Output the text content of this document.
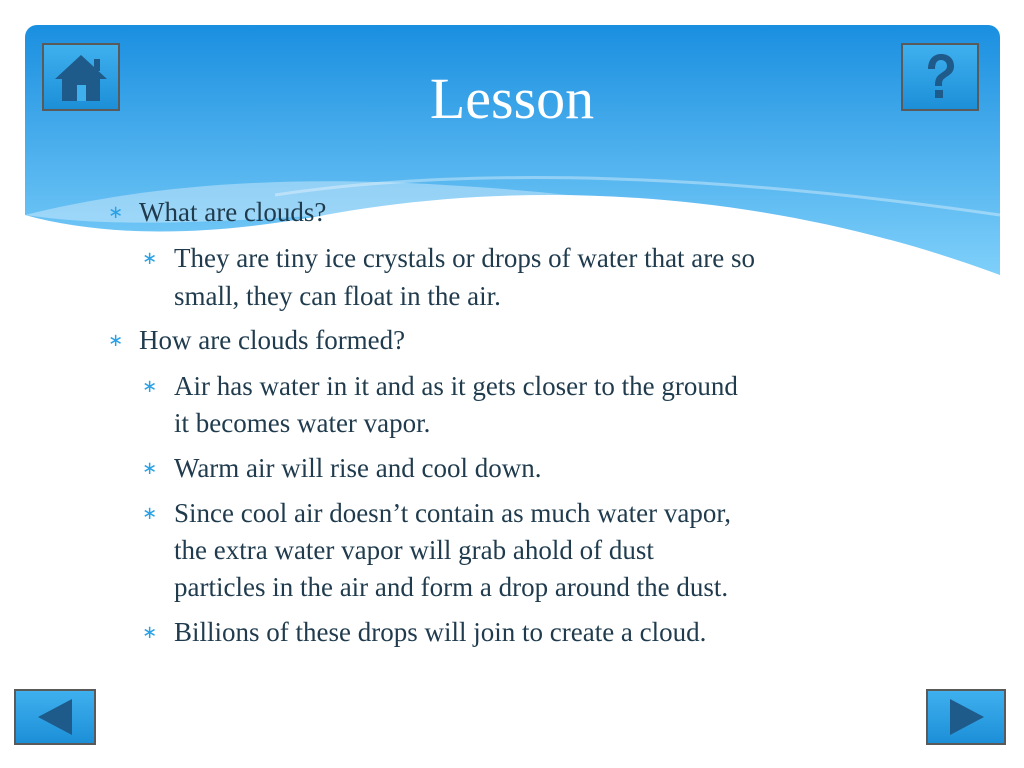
Lesson
∗ What are clouds?
∗ They are tiny ice crystals or drops of water that are so
small, they can float in the air.
∗ How are clouds formed?
∗ Air has water in it and as it gets closer to the ground
it becomes water vapor.
∗ Warm air will rise and cool down.
∗ Since cool air doesn’t contain as much water vapor,
the extra water vapor will grab ahold of dust
particles in the air and form a drop around the dust.
∗ Billions of these drops will join to create a cloud.
